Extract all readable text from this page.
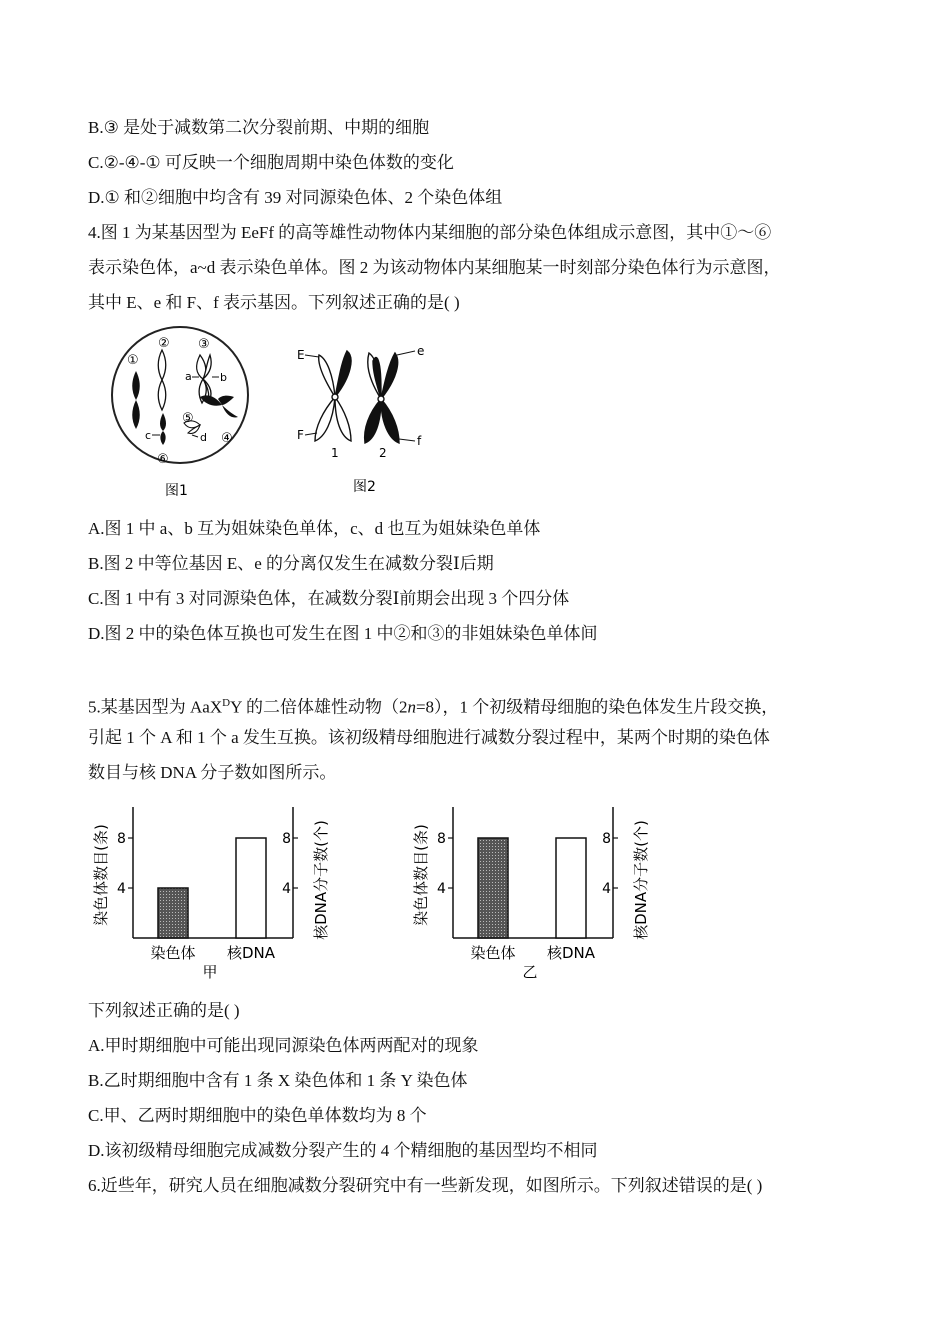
B.③ 是处于减数第二次分裂前期、中期的细胞
C.②-④-① 可反映一个细胞周期中染色体数的变化
D.① 和②细胞中均含有 39 对同源染色体、2 个染色体组
4.图 1 为某基因型为 EeFf 的高等雄性动物体内某细胞的部分染色体组成示意图，其中①～⑥
表示染色体，a~d 表示染色单体。图 2 为该动物体内某细胞某一时刻部分染色体行为示意图，
其中 E、e 和 F、f 表示基因。下列叙述正确的是( )
①
② ③
④
⑤
⑥
a	b
c	d
图1
E
F
e
f
1	2
图2
A.图 1 中 a、b 互为姐妹染色单体，c、d 也互为姐妹染色单体
B.图 2 中等位基因 E、e 的分离仅发生在减数分裂Ⅰ后期
C.图 1 中有 3 对同源染色体，在减数分裂Ⅰ前期会出现 3 个四分体
D.图 2 中的染色体互换也可发生在图 1 中②和③的非姐妹染色单体间
5.某基因型为 AaX$^D$Y 的二倍体雄性动物（2n=8），1 个初级精母细胞的染色体发生片段交换，
引起 1 个 A 和 1 个 a 发生互换。该初级精母细胞进行减数分裂过程中，某两个时期的染色体
数目与核 DNA 分子数如图所示。
4	4
8	8
染色体 核DNA
染色体数目(条)	核DNA分子数(个)
甲
4	4
8	8
染色体 核DNA
染色体数目(条)	核DNA分子数(个)
乙
下列叙述正确的是( )
A.甲时期细胞中可能出现同源染色体两两配对的现象
B.乙时期细胞中含有 1 条 X 染色体和 1 条 Y 染色体
C.甲、乙两时期细胞中的染色单体数均为 8 个
D.该初级精母细胞完成减数分裂产生的 4 个精细胞的基因型均不相同
6.近些年，研究人员在细胞减数分裂研究中有一些新发现，如图所示。下列叙述错误的是( )
